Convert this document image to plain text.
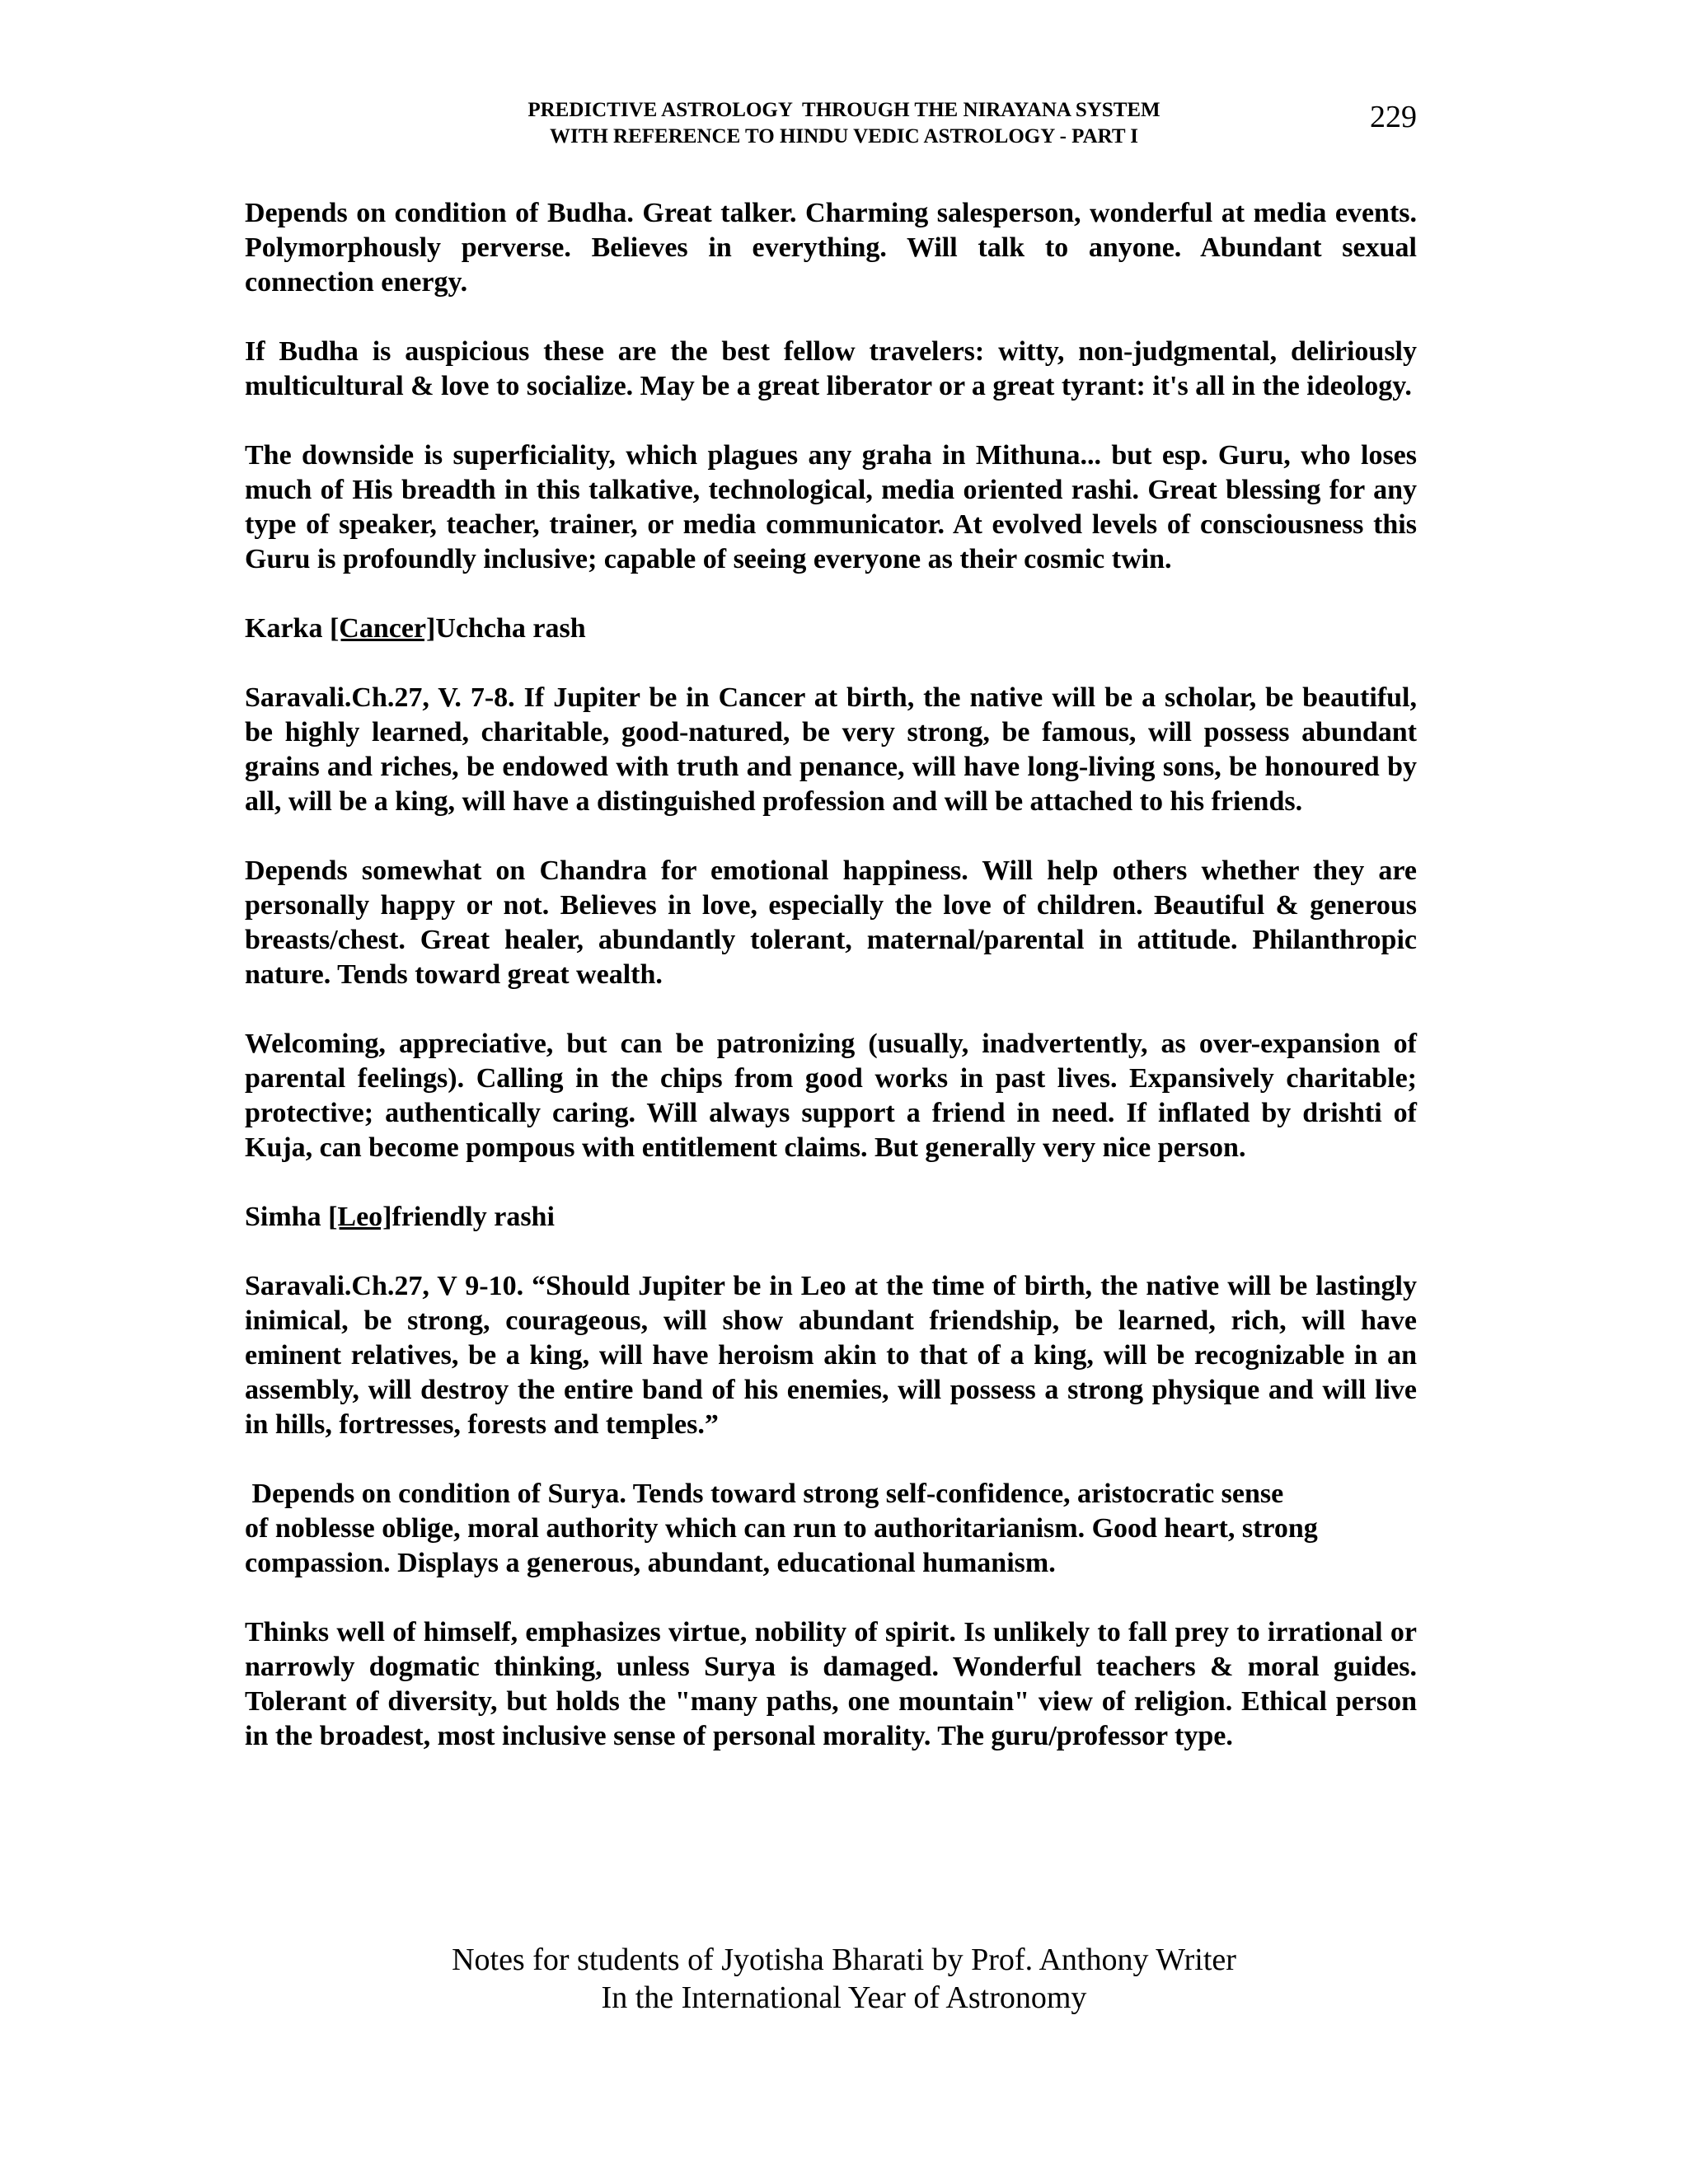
PREDICTIVE ASTROLOGY  THROUGH THE NIRAYANA SYSTEM
WITH REFERENCE TO HINDU VEDIC ASTROLOGY - PART I
229

Depends on condition of Budha. Great talker. Charming salesperson, wonderful at media events. Polymorphously perverse. Believes in everything. Will talk to anyone. Abundant sexual connection energy.

If Budha is auspicious these are the best fellow travelers: witty, non-judgmental, deliriously multicultural & love to socialize. May be a great liberator or a great tyrant: it's all in the ideology.

The downside is superficiality, which plagues any graha in Mithuna... but esp. Guru, who loses much of His breadth in this talkative, technological, media oriented rashi. Great blessing for any type of speaker, teacher, trainer, or media communicator. At evolved levels of consciousness this Guru is profoundly inclusive; capable of seeing everyone as their cosmic twin.

Karka [Cancer]Uchcha rash

Saravali.Ch.27, V. 7-8. If Jupiter be in Cancer at birth, the native will be a scholar, be beautiful, be highly learned, charitable, good-natured, be very strong, be famous, will possess abundant grains and riches, be endowed with truth and penance, will have long-living sons, be honoured by all, will be a king, will have a distinguished profession and will be attached to his friends.

Depends somewhat on Chandra for emotional happiness. Will help others whether they are personally happy or not. Believes in love, especially the love of children. Beautiful & generous breasts/chest. Great healer, abundantly tolerant, maternal/parental in attitude. Philanthropic nature. Tends toward great wealth.

Welcoming, appreciative, but can be patronizing (usually, inadvertently, as over-expansion of parental feelings). Calling in the chips from good works in past lives. Expansively charitable; protective; authentically caring. Will always support a friend in need. If inflated by drishti of Kuja, can become pompous with entitlement claims. But generally very nice person.

Simha [Leo]friendly rashi

Saravali.Ch.27, V 9-10. “Should Jupiter be in Leo at the time of birth, the native will be lastingly inimical, be strong, courageous, will show abundant friendship, be learned, rich, will have eminent relatives, be a king, will have heroism akin to that of a king, will be recognizable in an assembly, will destroy the entire band of his enemies, will possess a strong physique and will live in hills, fortresses, forests and temples.”

Depends on condition of Surya. Tends toward strong self-confidence, aristocratic sense
of noblesse oblige, moral authority which can run to authoritarianism. Good heart, strong
compassion. Displays a generous, abundant, educational humanism.

Thinks well of himself, emphasizes virtue, nobility of spirit. Is unlikely to fall prey to irrational or narrowly dogmatic thinking, unless Surya is damaged. Wonderful teachers & moral guides. Tolerant of diversity, but holds the "many paths, one mountain" view of religion. Ethical person in the broadest, most inclusive sense of personal morality. The guru/professor type.

Notes for students of Jyotisha Bharati by Prof. Anthony Writer
In the International Year of Astronomy
